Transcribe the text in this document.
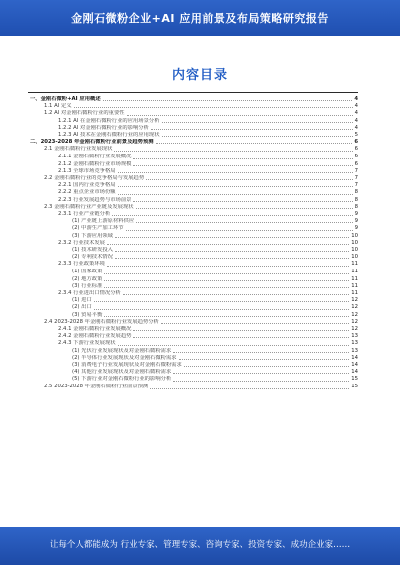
金刚石微粉企业+AI 应用前景及布局策略研究报告
内容目录
一、金刚石微粉+AI 应用概述	4
1.1 AI 定义	4
1.2 AI 对金刚石微粉行业的重要性	4
1.2.1 AI 在金刚石微粉行业的应用场景分析	4
1.2.2 AI 对金刚石微粉行业的影响分析	4
1.2.3 AI 技术在金刚石微粉行业的应用现状	5
二、2023-2028 年金刚石微粉行业前景及趋势预测	6
2.1 金刚石微粉行业发展现状	6
2.1.1 金刚石微粉行业发展概况	6
2.1.2 金刚石微粉行业市场规模	6
2.1.3 全球市场竞争格局	7
2.2 金刚石微粉行业的竞争格局与发展趋势	7
2.2.1 国内行业竞争格局	7
2.2.2 重点企业市场份额	8
2.2.3 行业发展趋势与市场前景	8
2.3 金刚石微粉行业产业链及发展现状	8
2.3.1 行业产业链分析	9
(1) 产业链上游原材料供应	9
(2) 中游生产加工环节	9
(3) 下游应用领域	10
2.3.2 行业技术发展	10
(1) 技术研发投入	10
(2) 专利技术情况	10
2.3.3 行业政策环境	11
(1) 国家政策	11
(2) 地方政策	11
(3) 行业标准	11
2.3.4 行业进出口情况分析	11
(1) 进口	12
(2) 出口	12
(3) 贸易平衡	12
2.4 2023-2028 年金刚石微粉行业发展趋势分析	12
2.4.1 金刚石微粉行业发展概况	12
2.4.2 金刚石微粉行业发展趋势	13
2.4.3 下游行业发展现状	13
(1) 光伏行业发展现状及对金刚石微粉需求	13
(2) 半导体行业发展现状及对金刚石微粉需求	14
(3) 消费电子行业发展现状及对金刚石微粉需求	14
(4) 其他行业发展现状及对金刚石微粉需求	14
(5) 下游行业对金刚石微粉行业的影响分析	15
2.5 2023-2028 年金刚石微粉行业前景预测	15
让每个人都能成为 行业专家、管理专家、咨询专家、投资专家、成功企业家……
